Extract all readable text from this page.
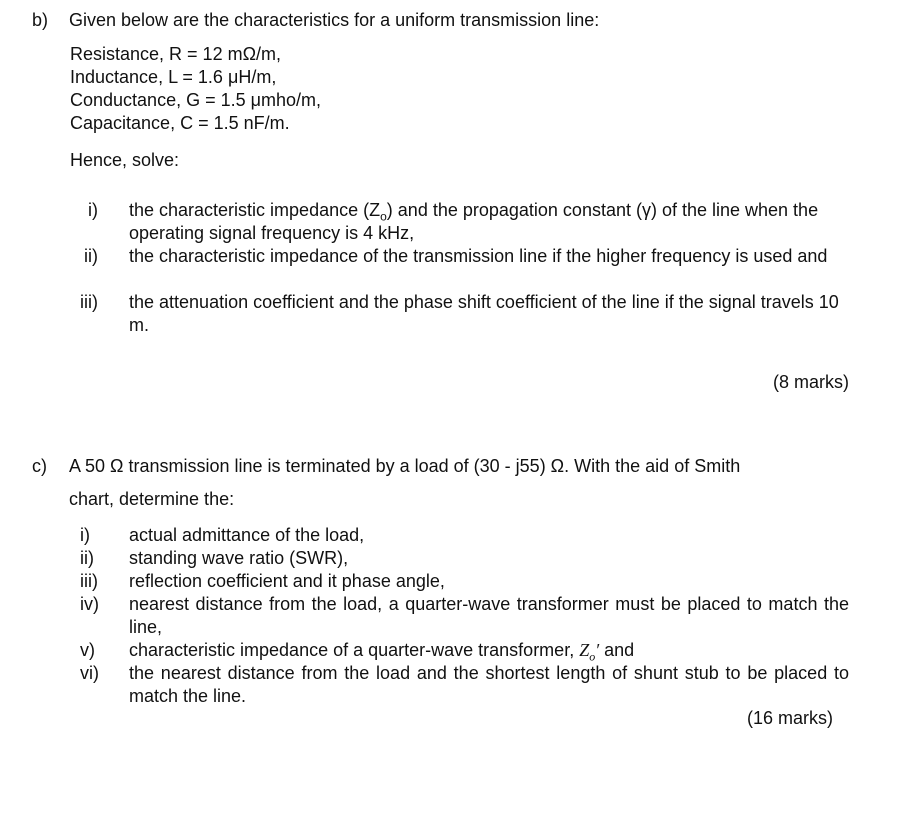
b) Given below are the characteristics for a uniform transmission line:
Resistance, R = 12 mΩ/m,
Inductance, L = 1.6 μH/m,
Conductance, G = 1.5 μmho/m,
Capacitance, C = 1.5 nF/m.
Hence, solve:
i) the characteristic impedance $(Z_o)$ and the propagation constant (γ) of the line when the operating signal frequency is 4 kHz,
ii) the characteristic impedance of the transmission line if the higher frequency is used and
iii) the attenuation coefficient and the phase shift coefficient of the line if the signal travels 10 m.
(8 marks)
c) A 50 Ω transmission line is terminated by a load of (30 - j55) Ω. With the aid of Smith
chart, determine the:
i)	actual admittance of the load,
ii)	standing wave ratio (SWR),
iii)	reflection coefficient and it phase angle,
iv)	nearest distance from the load, a quarter-wave transformer must be placed to match the line,
v)	characteristic impedance of a quarter-wave transformer, $Z_o'$ and
vi)	the nearest distance from the load and the shortest length of shunt stub to be placed to match the line.
(16 marks)
